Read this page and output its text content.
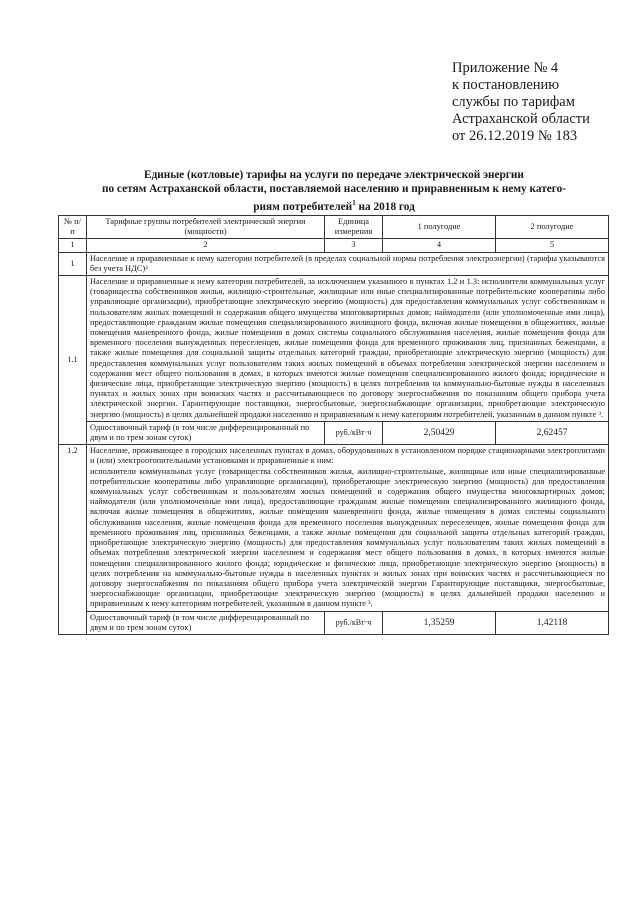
Приложение № 4
к постановлению
службы по тарифам
Астраханской области
от 26.12.2019 № 183
Единые (котловые) тарифы на услуги по передаче электрической энергии
по сетям Астраханской области, поставляемой населению и приравненным к нему катего-
риям потребителей$^1$ на 2018 год
№ п/п	Тарифные группы потребителей электрической энергии (мощности)	Единица измерения	1 полугодие	2 полугодие
1	2	3	4	5
1	Население и приравненные к нему категории потребителей (в пределах социальной нормы потребления электроэнергии) (тарифы указываются без учета НДС)²			
1.1	Население и приравненные к нему категории потребителей, за исключением указанного в пунктах 1.2 и 1.3: исполнители коммунальных услуг (товарищества собственников жилья, жилищно-строительные, жилищные или иные специализированные потребительские кооперативы либо управляющие организации), приобретающие электрическую энергию (мощность) для предоставления коммунальных услуг собственникам и пользователям жилых помещений и содержания общего имущества многоквартирных домов; наймодатели (или уполномоченные ими лица), предоставляющие гражданам жилые помещения специализированного жилищного фонда, включая жилые помещения в общежитиях, жилые помещения маневренного фонда, жилые помещения в домах системы социального обслуживания населения, жилые помещения фонда для временного поселения вынужденных переселенцев, жилые помещения фонда для временного проживания лиц, признанных беженцами, а также жилые помещения для социальной защиты отдельных категорий граждан, приобретающие электрическую энергию (мощность) для предоставления коммунальных услуг пользователям таких жилых помещений в объемах потребления электрической энергии населением и содержания мест общего пользования в домах, в которых имеются жилые помещения специализированного жилого фонда; юридические и физические лица, приобретающие электрическую энергию (мощность) в целях потребления на коммунально-бытовые нужды в населенных пунктах и жилых зонах при воинских частях и рассчитывающиеся по договору энергоснабжения по показаниям общего прибора учета электрической энергии. Гарантирующие поставщики, энергосбытовые, энергоснабжающие организации, приобретающие электрическую энергию (мощность) в целях дальнейшей продажи населению и приравненным к нему категориям потребителей, указанным в данном пункте ³.			
	Одноставочный тариф (в том числе дифференцированный по двум и по трем зонам суток)	руб./кВт·ч	2,50429	2,62457
1.2	Население, проживающее в городских населенных пунктах в домах, оборудованных в установленном порядке стационарными электроплитами и (или) электроотопительными установками и приравненные к ним:
исполнители коммунальных услуг (товарищества собственников жилья, жилищно-строительные, жилищные или иные специализированные потребительские кооперативы либо управляющие организации), приобретающие электрическую энергию (мощность) для предоставления коммунальных услуг собственникам и пользователям жилых помещений и содержания общего имущества многоквартирных домов; наймодатели (или уполномоченные ими лица), предоставляющие гражданам жилые помещения специализированного жилищного фонда, включая жилые помещения в общежитиях, жилые помещения маневренного фонда, жилые помещения в домах системы социального обслуживания населения, жилые помещения фонда для временного поселения вынужденных переселенцев, жилые помещения фонда для временного проживания лиц, признанных беженцами, а также жилые помещения для социальной защиты отдельных категорий граждан, приобретающие электрическую энергию (мощность) для предоставления коммунальных услуг пользователям таких жилых помещений в объемах потребления электрической энергии населением и содержания мест общего пользования в домах, в которых имеются жилые помещения специализированного жилого фонда; юридические и физические лица, приобретающие электрическую энергию (мощность) в целях потребления на коммунально-бытовые нужды в населенных пунктах и жилых зонах при воинских частях и рассчитывающиеся по договору энергоснабжения по показаниям общего прибора учета электрической энергии Гарантирующие поставщики, энергосбытовые, энергоснабжающие организации, приобретающие электрическую энергию (мощность) в целях дальнейшей продажи населению и приравненным к нему категориям потребителей, указанным в данном пункте ³.			

	Одноставочный тариф (в том числе дифференцированный по двум и по трем зонам суток)	руб./кВт·ч	1,35259	1,42118
